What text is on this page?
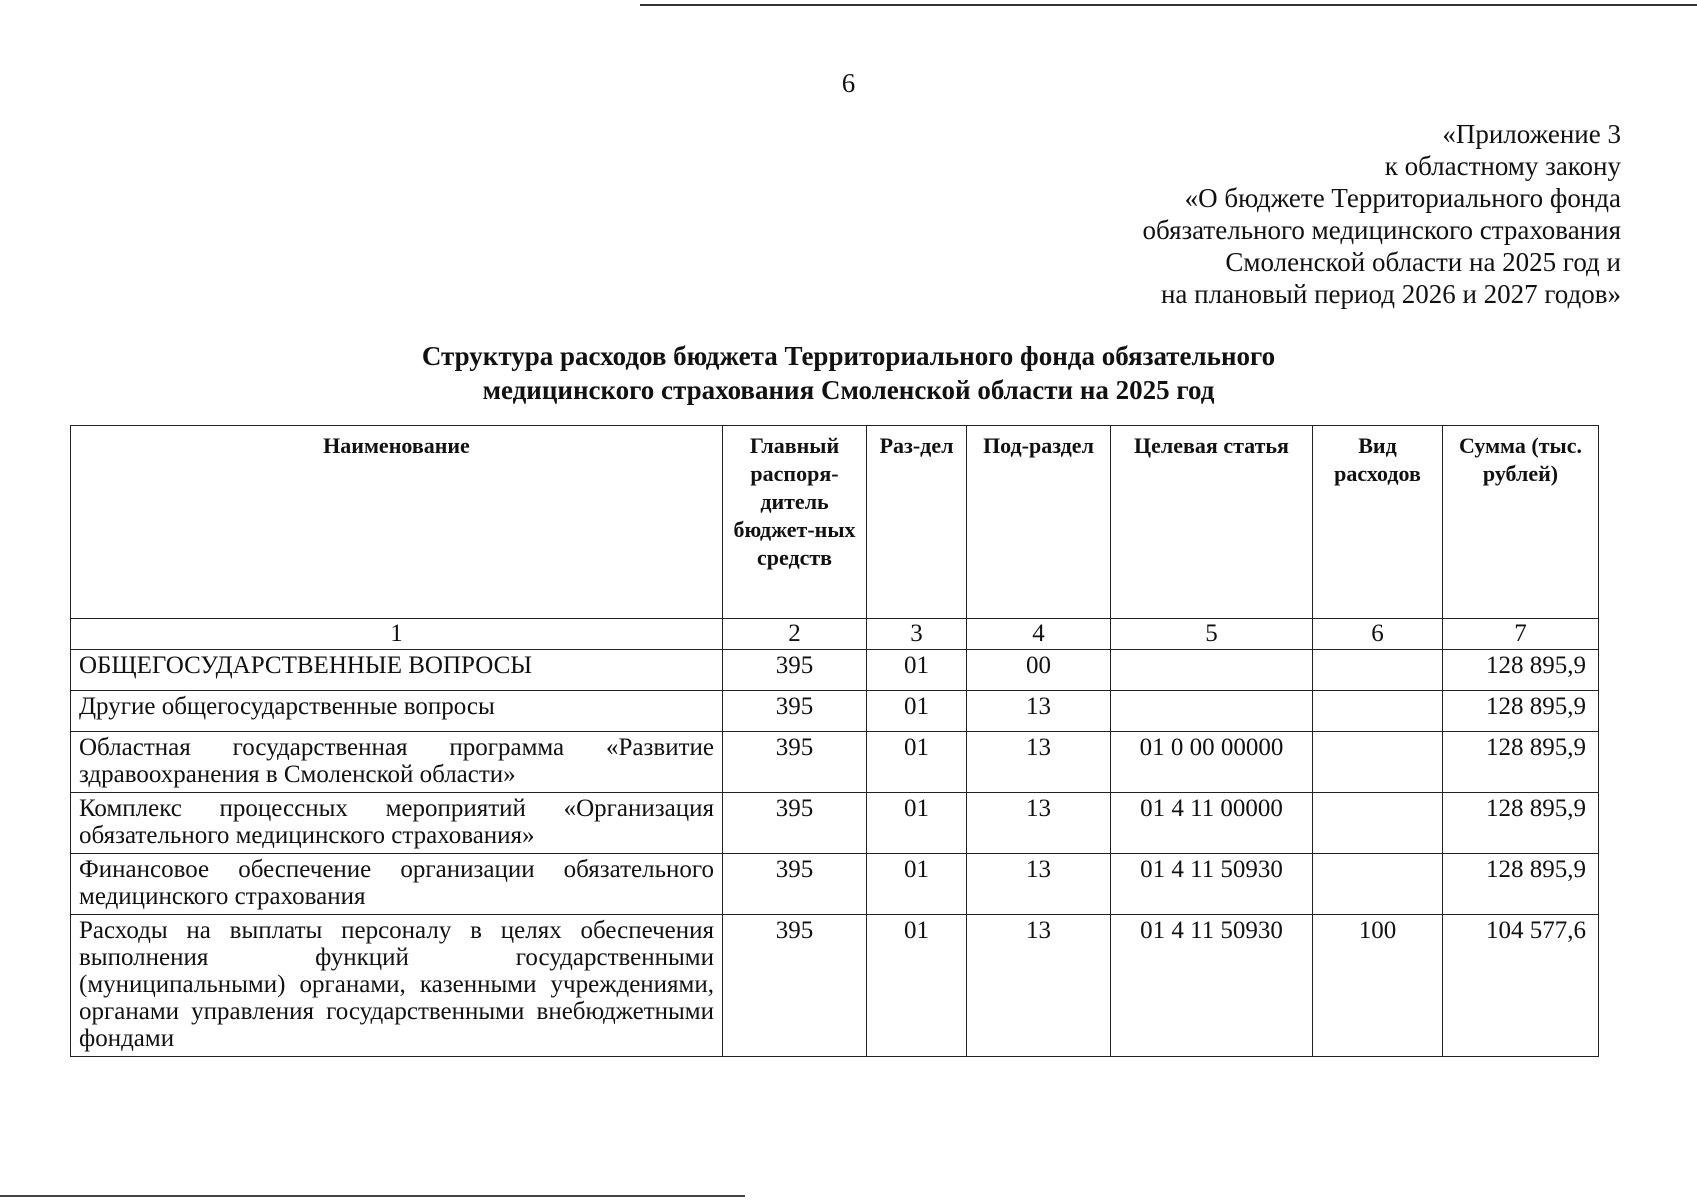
6
«Приложение 3
к областному закону
«О бюджете Территориального фонда
обязательного медицинского страхования
Смоленской области на 2025 год и
на плановый период 2026 и 2027 годов»
Структура расходов бюджета Территориального фонда обязательного
медицинского страхования Смоленской области на 2025 год
Наименование	Главный распоря-дитель бюджет-ных средств	Раз-дел	Под-раздел	Целевая статья	Вид расходов	Сумма (тыс. рублей)
1	2	3	4	5	6	7
ОБЩЕГОСУДАРСТВЕННЫЕ ВОПРОСЫ	395	01	00			128 895,9
Другие общегосударственные вопросы	395	01	13			128 895,9
Областная государственная программа «Развитие здравоохранения в Смоленской области»	395	01	13	01 0 00 00000		128 895,9
Комплекс процессных мероприятий «Организация обязательного медицинского страхования»	395	01	13	01 4 11 00000		128 895,9
Финансовое обеспечение организации обязательного медицинского страхования	395	01	13	01 4 11 50930		128 895,9
Расходы на выплаты персоналу в целях обеспечения выполнения функций государственными (муниципальными) органами, казенными учреждениями, органами управления государственными внебюджетными фондами	395	01	13	01 4 11 50930	100	104 577,6
